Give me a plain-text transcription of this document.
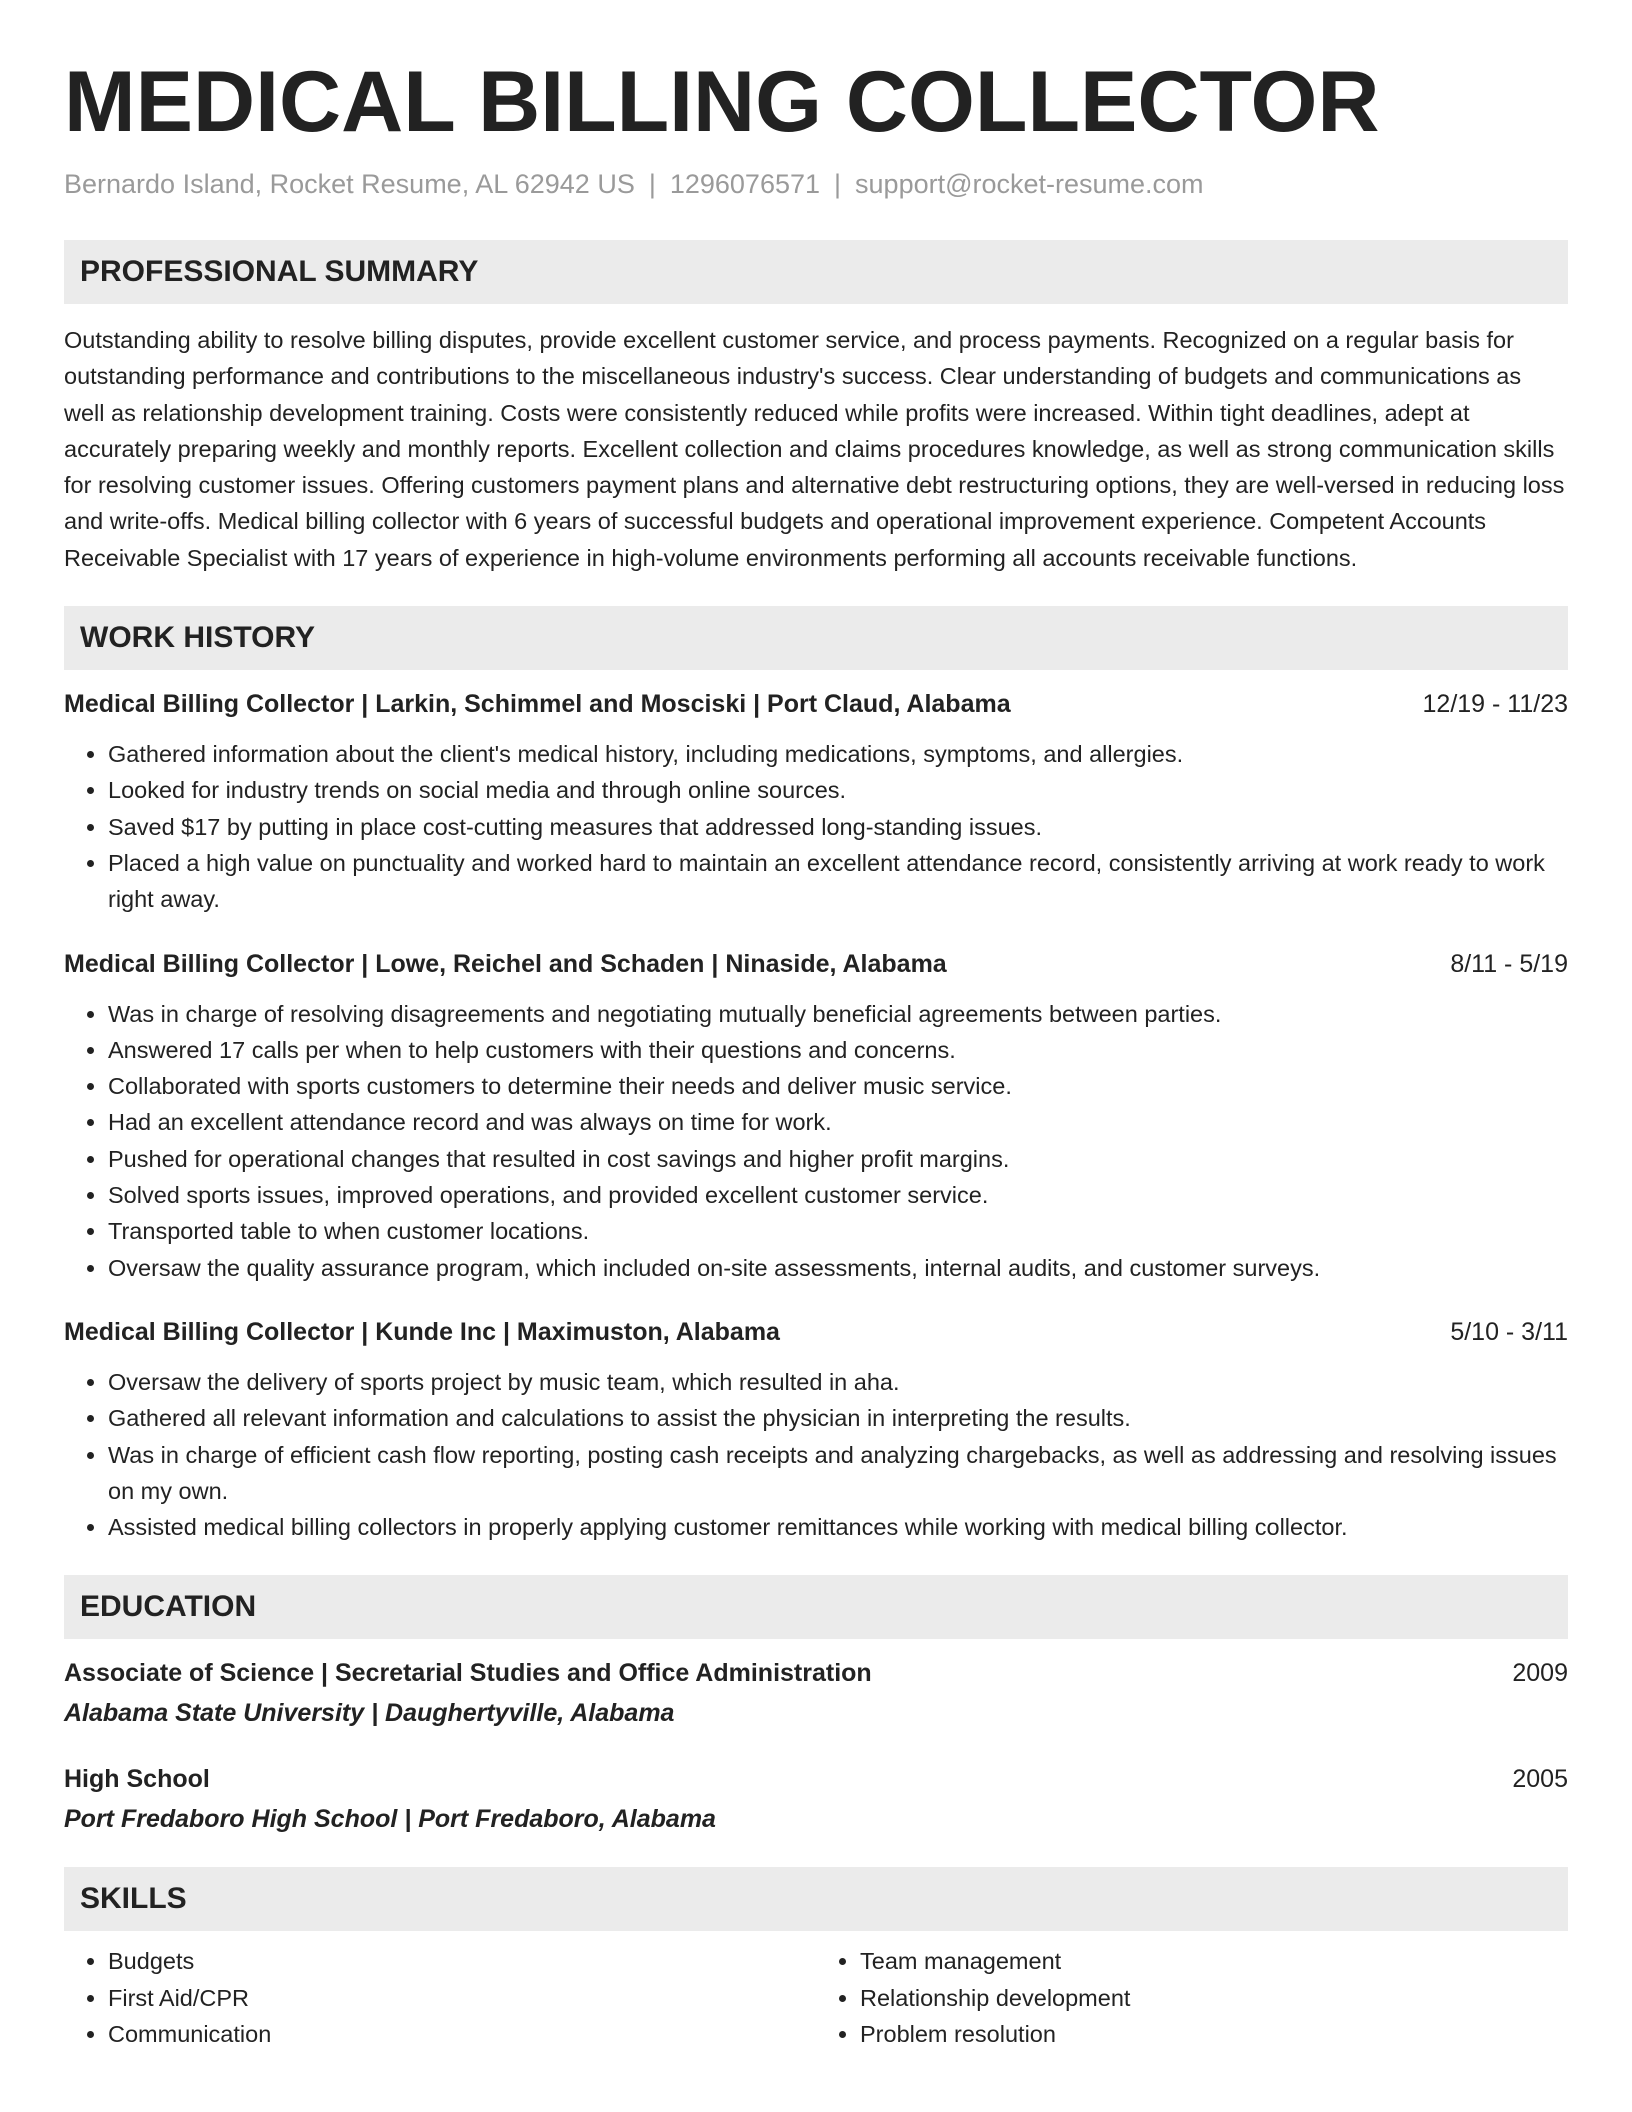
MEDICAL BILLING COLLECTOR
Bernardo Island, Rocket Resume, AL 62942 US | 1296076571 | support@rocket-resume.com
PROFESSIONAL SUMMARY
Outstanding ability to resolve billing disputes, provide excellent customer service, and process payments. Recognized on a regular basis for outstanding performance and contributions to the miscellaneous industry's success. Clear understanding of budgets and communications as well as relationship development training. Costs were consistently reduced while profits were increased. Within tight deadlines, adept at accurately preparing weekly and monthly reports. Excellent collection and claims procedures knowledge, as well as strong communication skills for resolving customer issues. Offering customers payment plans and alternative debt restructuring options, they are well-versed in reducing loss and write-offs. Medical billing collector with 6 years of successful budgets and operational improvement experience. Competent Accounts Receivable Specialist with 17 years of experience in high-volume environments performing all accounts receivable functions.
WORK HISTORY
Medical Billing Collector | Larkin, Schimmel and Mosciski | Port Claud, Alabama	12/19 - 11/23
• Gathered information about the client's medical history, including medications, symptoms, and allergies.
• Looked for industry trends on social media and through online sources.
• Saved $17 by putting in place cost-cutting measures that addressed long-standing issues.
• Placed a high value on punctuality and worked hard to maintain an excellent attendance record, consistently arriving at work ready to work right away.
Medical Billing Collector | Lowe, Reichel and Schaden | Ninaside, Alabama	8/11 - 5/19
• Was in charge of resolving disagreements and negotiating mutually beneficial agreements between parties.
• Answered 17 calls per when to help customers with their questions and concerns.
• Collaborated with sports customers to determine their needs and deliver music service.
• Had an excellent attendance record and was always on time for work.
• Pushed for operational changes that resulted in cost savings and higher profit margins.
• Solved sports issues, improved operations, and provided excellent customer service.
• Transported table to when customer locations.
• Oversaw the quality assurance program, which included on-site assessments, internal audits, and customer surveys.
Medical Billing Collector | Kunde Inc | Maximuston, Alabama	5/10 - 3/11
• Oversaw the delivery of sports project by music team, which resulted in aha.
• Gathered all relevant information and calculations to assist the physician in interpreting the results.
• Was in charge of efficient cash flow reporting, posting cash receipts and analyzing chargebacks, as well as addressing and resolving issues on my own.
• Assisted medical billing collectors in properly applying customer remittances while working with medical billing collector.
EDUCATION
Associate of Science | Secretarial Studies and Office Administration	2009
Alabama State University | Daughertyville, Alabama
High School	2005
Port Fredaboro High School | Port Fredaboro, Alabama
SKILLS
• Budgets
• First Aid/CPR
• Communication
• Team management
• Relationship development
• Problem resolution
